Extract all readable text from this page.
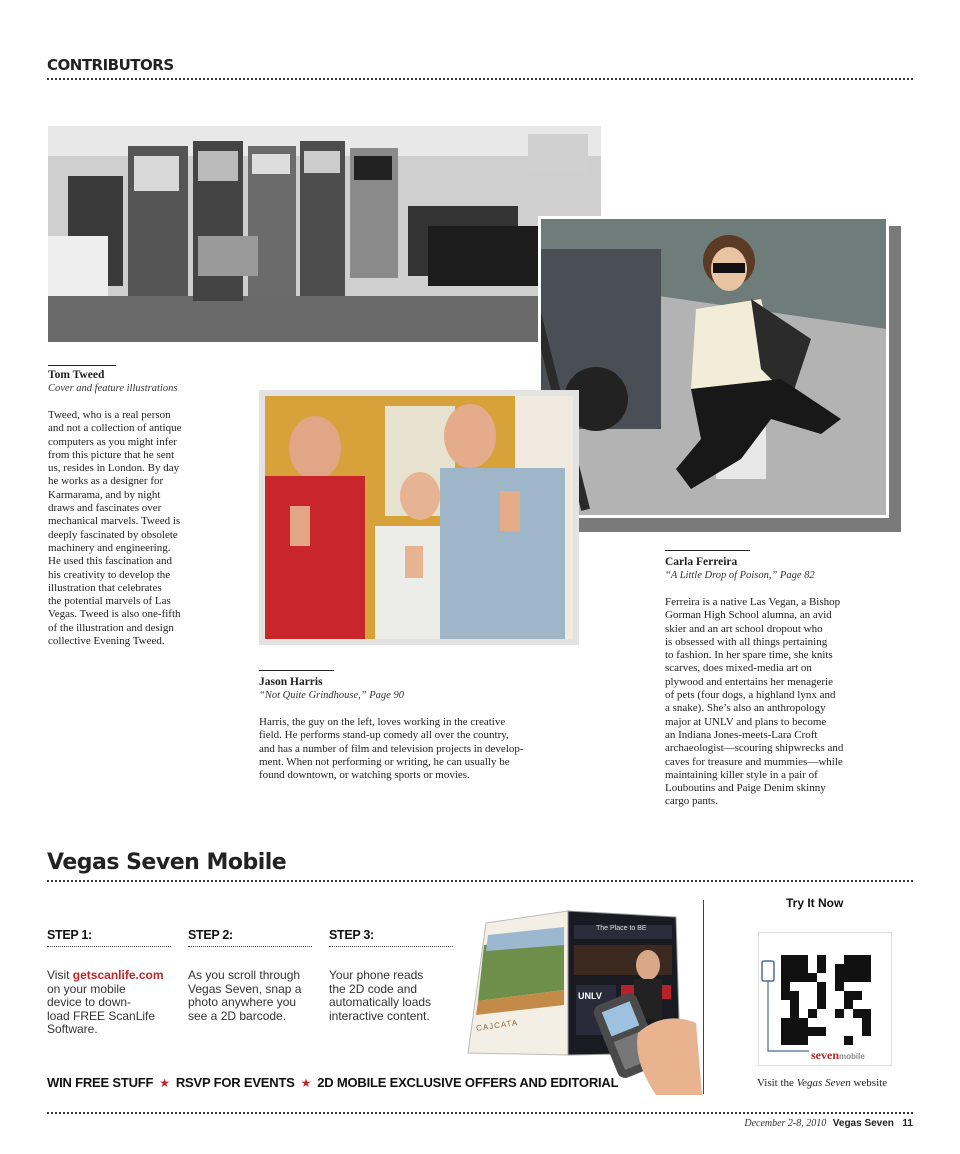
CONTRIBUTORS
Tom Tweed
Cover and feature illustrations
Tweed, who is a real person
and not a collection of antique
computers as you might infer
from this picture that he sent
us, resides in London. By day
he works as a designer for
Karmarama, and by night
draws and fascinates over
mechanical marvels. Tweed is
deeply fascinated by obsolete
machinery and engineering.
He used this fascination and
his creativity to develop the
illustration that celebrates
the potential marvels of Las
Vegas. Tweed is also one-fifth
of the illustration and design
collective Evening Tweed.
Jason Harris
“Not Quite Grindhouse,” Page 90
Harris, the guy on the left, loves working in the creative
field. He performs stand-up comedy all over the country,
and has a number of film and television projects in develop-
ment. When not performing or writing, he can usually be
found downtown, or watching sports or movies.
Carla Ferreira
“A Little Drop of Poison,” Page 82
Ferreira is a native Las Vegan, a Bishop
Gorman High School alumna, an avid
skier and an art school dropout who
is obsessed with all things pertaining
to fashion. In her spare time, she knits
scarves, does mixed-media art on
plywood and entertains her menagerie
of pets (four dogs, a highland lynx and
a snake). She’s also an anthropology
major at UNLV and plans to become
an Indiana Jones-meets-Lara Croft
archaeologist—scouring shipwrecks and
caves for treasure and mummies—while
maintaining killer style in a pair of
Louboutins and Paige Denim skinny
cargo pants.
Vegas Seven Mobile
STEP 1:
Visit getscanlife.com
on your mobile
device to down-
load FREE ScanLife
Software.
STEP 2:
As you scroll through
Vegas Seven, snap a
photo anywhere you
see a 2D barcode.
STEP 3:
Your phone reads
the 2D code and
automatically loads
interactive content.
CAJCATA
The Place to BE
UNLV
Try It Now
sevenmobile
Visit the Vegas Seven website
WIN FREE STUFF ★ RSVP FOR EVENTS ★ 2D MOBILE EXCLUSIVE OFFERS AND EDITORIAL
December 2-8, 2010 Vegas Seven 11
